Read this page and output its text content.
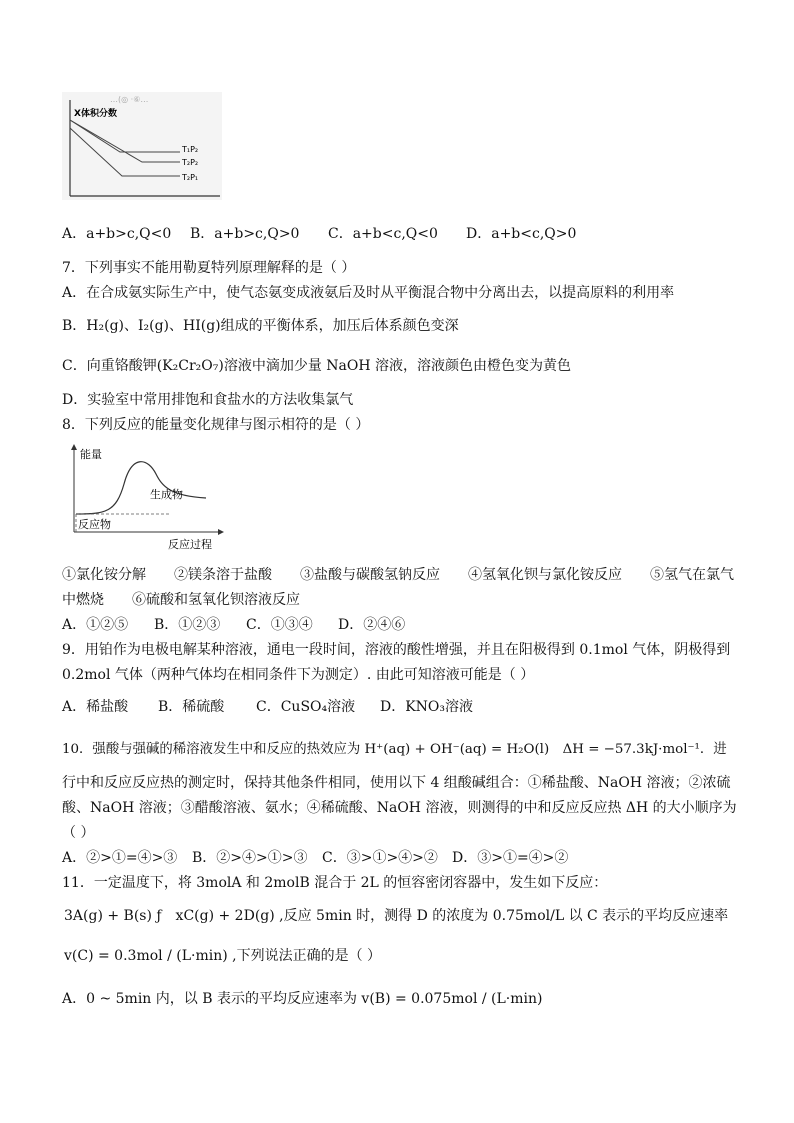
…(◎ ·⑥…
X体积分数
T₁P₂
T₂P₂
T₂P₁
A．a+b>c,Q<0 B．a+b>c,Q>0 C．a+b<c,Q<0 D．a+b<c,Q>0
7．下列事实不能用勒夏特列原理解释的是（ ）
A．在合成氨实际生产中，使气态氨变成液氨后及时从平衡混合物中分离出去，以提高原料的利用率
B．H₂(g)、I₂(g)、HI(g)组成的平衡体系，加压后体系颜色变深
C．向重铬酸钾(K₂Cr₂O₇)溶液中滴加少量 NaOH 溶液，溶液颜色由橙色变为黄色
D．实验室中常用排饱和食盐水的方法收集氯气
8．下列反应的能量变化规律与图示相符的是（ ）
能量
生成物
反应物
反应过程
①氯化铵分解　　②镁条溶于盐酸　　③盐酸与碳酸氢钠反应　　④氢氧化钡与氯化铵反应　　⑤氢气在氯气
中燃烧　　⑥硫酸和氢氧化钡溶液反应
A．①②⑤ B．①②③ C．①③④ D．②④⑥
9．用铂作为电极电解某种溶液，通电一段时间，溶液的酸性增强，并且在阳极得到 0.1mol 气体，阴极得到
0.2mol 气体（两种气体均在相同条件下为测定）. 由此可知溶液可能是（ ）
A．稀盐酸 B．稀硫酸 C．CuSO₄溶液 D．KNO₃溶液
10．强酸与强碱的稀溶液发生中和反应的热效应为 H⁺(aq) + OH⁻(aq) = H₂O(l)　ΔH = −57.3kJ·mol⁻¹．进
行中和反应反应热的测定时，保持其他条件相同，使用以下 4 组酸碱组合：①稀盐酸、NaOH 溶液；②浓硫
酸、NaOH 溶液；③醋酸溶液、氨水；④稀硫酸、NaOH 溶液，则测得的中和反应反应热 ΔH 的大小顺序为
（ ）
A．②>①=④>③ B．②>④>①>③ C．③>①>④>② D．③>①=④>②
11．一定温度下，将 3molA 和 2molB 混合于 2L 的恒容密闭容器中，发生如下反应：
3A(g) + B(s) ƒ　xC(g) + 2D(g) ,反应 5min 时，测得 D 的浓度为 0.75mol/L 以 C 表示的平均反应速率
v(C) = 0.3mol / (L·min) ,下列说法正确的是（ ）
A．0 ~ 5min 内，以 B 表示的平均反应速率为 v(B) = 0.075mol / (L·min)
